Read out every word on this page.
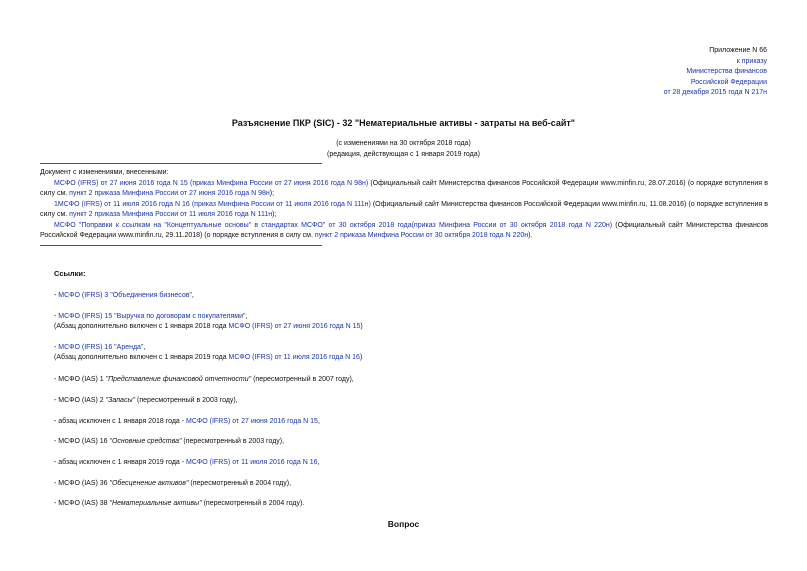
Приложение N 66
к приказу
Министерства финансов
Российской Федерации
от 28 декабря 2015 года N 217н
Разъяснение ПКР (SIC) - 32 "Нематериальные активы - затраты на веб-сайт"
(с изменениями на 30 октября 2018 года)
(редакция, действующая с 1 января 2019 года)

Документ с изменениями, внесенными:

МСФО (IFRS) от 27 июня 2016 года N 15 (приказ Минфина России от 27 июня 2016 года N 98н) (Официальный сайт Министерства финансов Российской Федерации www.minfin.ru, 28.07.2016) (о порядке вступления в силу см. пункт 2 приказа Минфина России от 27 июня 2016 года N 98н);

1МСФО (IFRS) от 11 июля 2016 года N 16 (приказ Минфина России от 11 июля 2016 года N 111н) (Официальный сайт Министерства финансов Российской Федерации www.minfin.ru, 11.08.2016) (о порядке вступления в силу см. пункт 2 приказа Минфина России от 11 июля 2016 года N 111н);

МСФО "Поправки к ссылкам на "Концептуальные основы" в стандартах МСФО" от 30 октября 2018 года(приказ Минфина России от 30 октября 2018 года N 220н) (Официальный сайт Министерства финансов Российской Федерации www.minfin.ru, 29.11.2018) (о порядке вступления в силу см. пункт 2 приказа Минфина России от 30 октября 2018 года N 220н).

Ссылки:
- МСФО (IFRS) 3 "Объединения бизнесов",
- МСФО (IFRS) 15 "Выручка по договорам с покупателями",
(Абзац дополнительно включен с 1 января 2018 года МСФО (IFRS) от 27 июня 2016 года N 15)
- МСФО (IFRS) 16 "Аренда",
(Абзац дополнительно включен с 1 января 2019 года МСФО (IFRS) от 11 июля 2016 года N 16)
- МСФО (IAS) 1 "Представление финансовой отчетности" (пересмотренный в 2007 году),
- МСФО (IAS) 2 "Запасы" (пересмотренный в 2003 году),
- абзац исключен с 1 января 2018 года - МСФО (IFRS) от 27 июня 2016 года N 15,
- МСФО (IAS) 16 "Основные средства" (пересмотренный в 2003 году),
- абзац исключен с 1 января 2019 года - МСФО (IFRS) от 11 июля 2016 года N 16,
- МСФО (IAS) 36 "Обесценение активов" (пересмотренный в 2004 году),
- МСФО (IAS) 38 "Нематериальные активы" (пересмотренный в 2004 году).
Вопрос
